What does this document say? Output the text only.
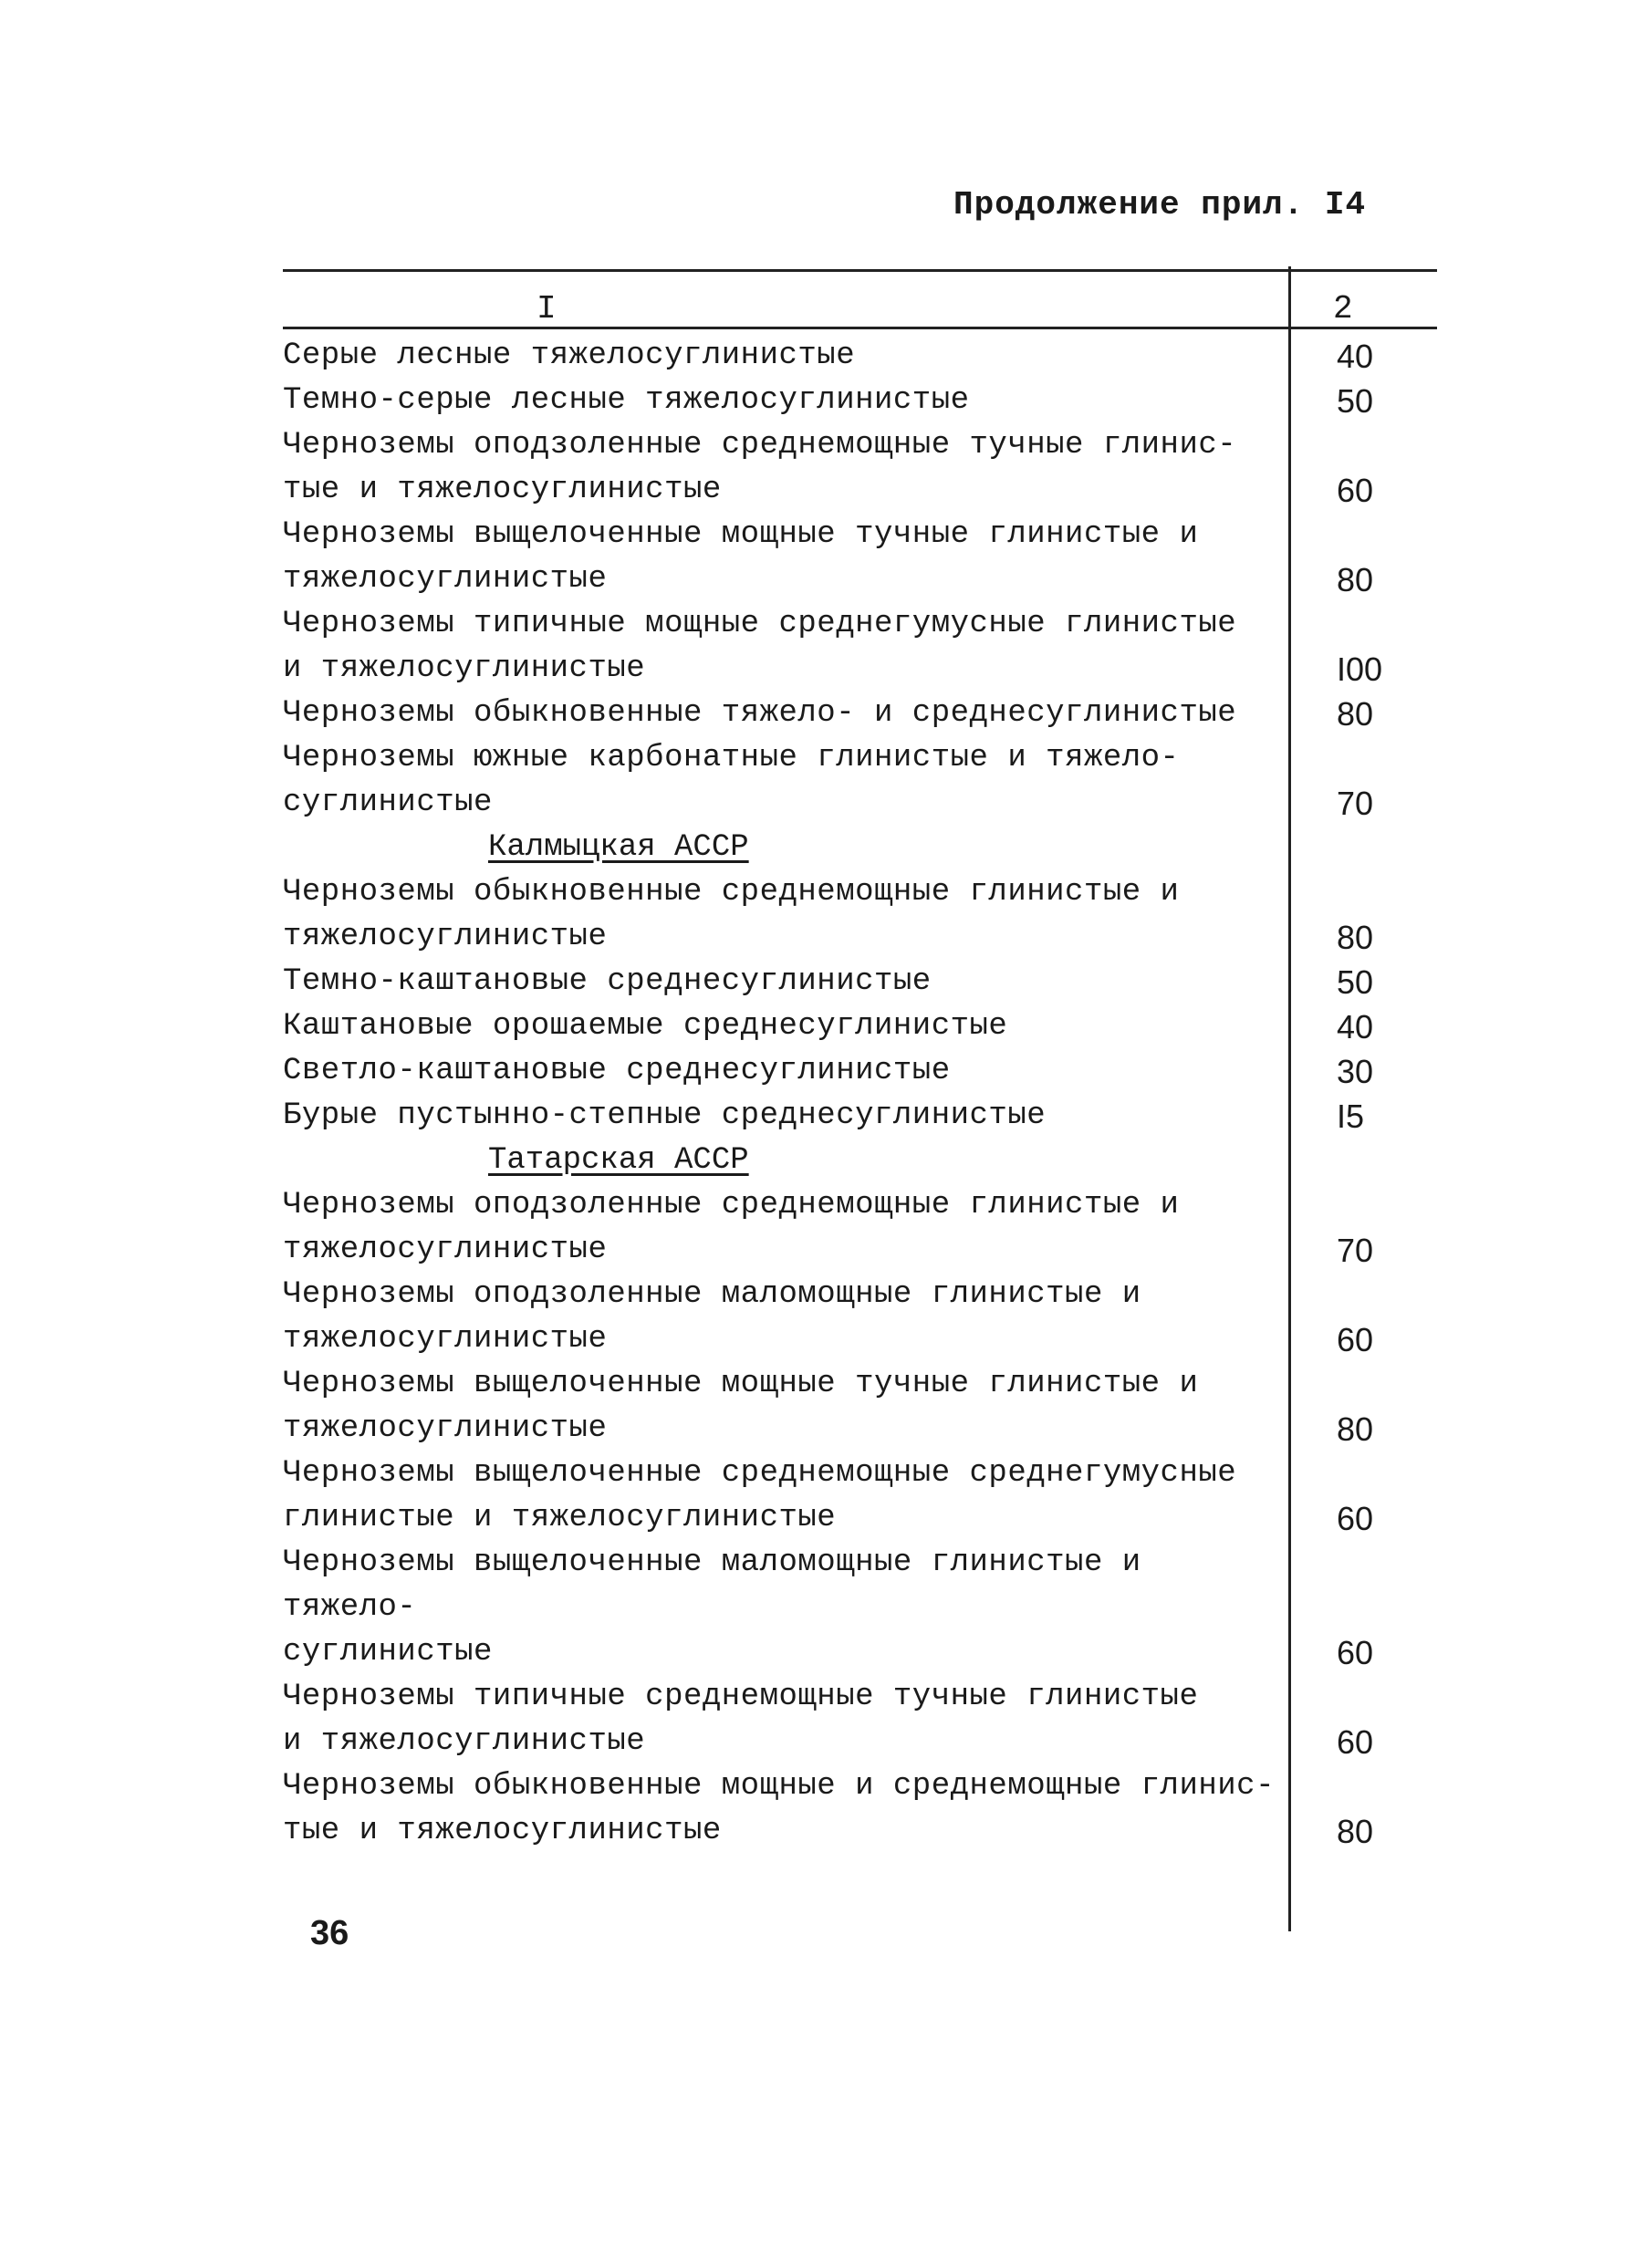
Продолжение прил. I4
I	2
Серые лесные тяжелосуглинистые	40
Темно-серые лесные тяжелосуглинистые	50
Черноземы оподзоленные среднемощные тучные глинис-
тые и тяжелосуглинистые	60
Черноземы выщелоченные мощные тучные глинистые и
тяжелосуглинистые	80
Черноземы типичные мощные среднегумусные глинистые
и тяжелосуглинистые	I00
Черноземы обыкновенные тяжело- и среднесуглинистые	80
Черноземы южные карбонатные глинистые и тяжело-
суглинистые	70
Калмыцкая АССР
Черноземы обыкновенные среднемощные глинистые и
тяжелосуглинистые	80
Темно-каштановые среднесуглинистые	50
Каштановые орошаемые среднесуглинистые	40
Светло-каштановые среднесуглинистые	30
Бурые пустынно-степные среднесуглинистые	I5
Татарская АССР
Черноземы оподзоленные среднемощные глинистые и
тяжелосуглинистые	70
Черноземы оподзоленные маломощные глинистые и
тяжелосуглинистые	60
Черноземы выщелоченные мощные тучные глинистые и
тяжелосуглинистые	80
Черноземы выщелоченные среднемощные среднегумусные
глинистые и тяжелосуглинистые	60
Черноземы выщелоченные маломощные глинистые и тяжело-
суглинистые	60
Черноземы типичные среднемощные тучные глинистые
и тяжелосуглинистые	60
Черноземы обыкновенные мощные и среднемощные глинис-
тые и тяжелосуглинистые	80
36
